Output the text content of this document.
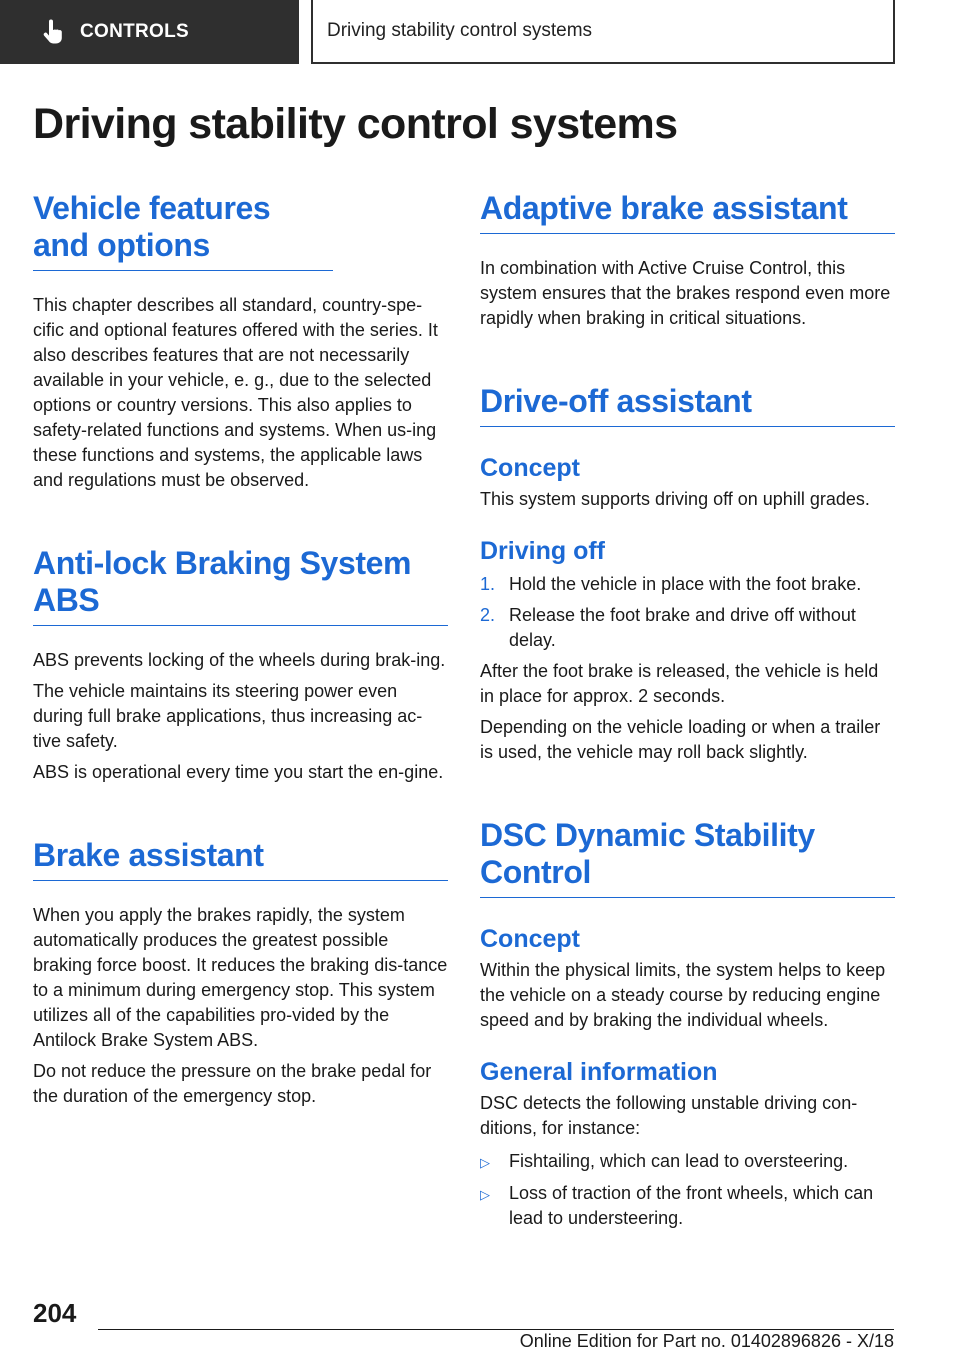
CONTROLS	Driving stability control systems
Driving stability control systems
Vehicle features and options

This chapter describes all standard, country-spe‐cific and optional features offered with the series. It also describes features that are not necessarily available in your vehicle, e. g., due to the selected options or country versions. This also applies to safety-related functions and systems. When us‐ing these functions and systems, the applicable laws and regulations must be observed.

Anti-lock Braking System ABS

ABS prevents locking of the wheels during brak‐ing.

The vehicle maintains its steering power even during full brake applications, thus increasing ac‐tive safety.

ABS is operational every time you start the en‐gine.

Brake assistant

When you apply the brakes rapidly, the system automatically produces the greatest possible braking force boost. It reduces the braking dis‐tance to a minimum during emergency stop. This system utilizes all of the capabilities pro‐vided by the Antilock Brake System ABS.

Do not reduce the pressure on the brake pedal for the duration of the emergency stop.

Adaptive brake assistant

In combination with Active Cruise Control, this system ensures that the brakes respond even more rapidly when braking in critical situations.

Drive-off assistant
Concept

This system supports driving off on uphill grades.

Driving off
1. Hold the vehicle in place with the foot brake.
2. Release the foot brake and drive off without delay.

After the foot brake is released, the vehicle is held in place for approx. 2 seconds.

Depending on the vehicle loading or when a trailer is used, the vehicle may roll back slightly.

DSC Dynamic Stability Control
Concept

Within the physical limits, the system helps to keep the vehicle on a steady course by reducing engine speed and by braking the individual wheels.

General information

DSC detects the following unstable driving con‐ditions, for instance:

▷ Fishtailing, which can lead to oversteering.
▷ Loss of traction of the front wheels, which can lead to understeering.
204
Online Edition for Part no. 01402896826 - X/18
